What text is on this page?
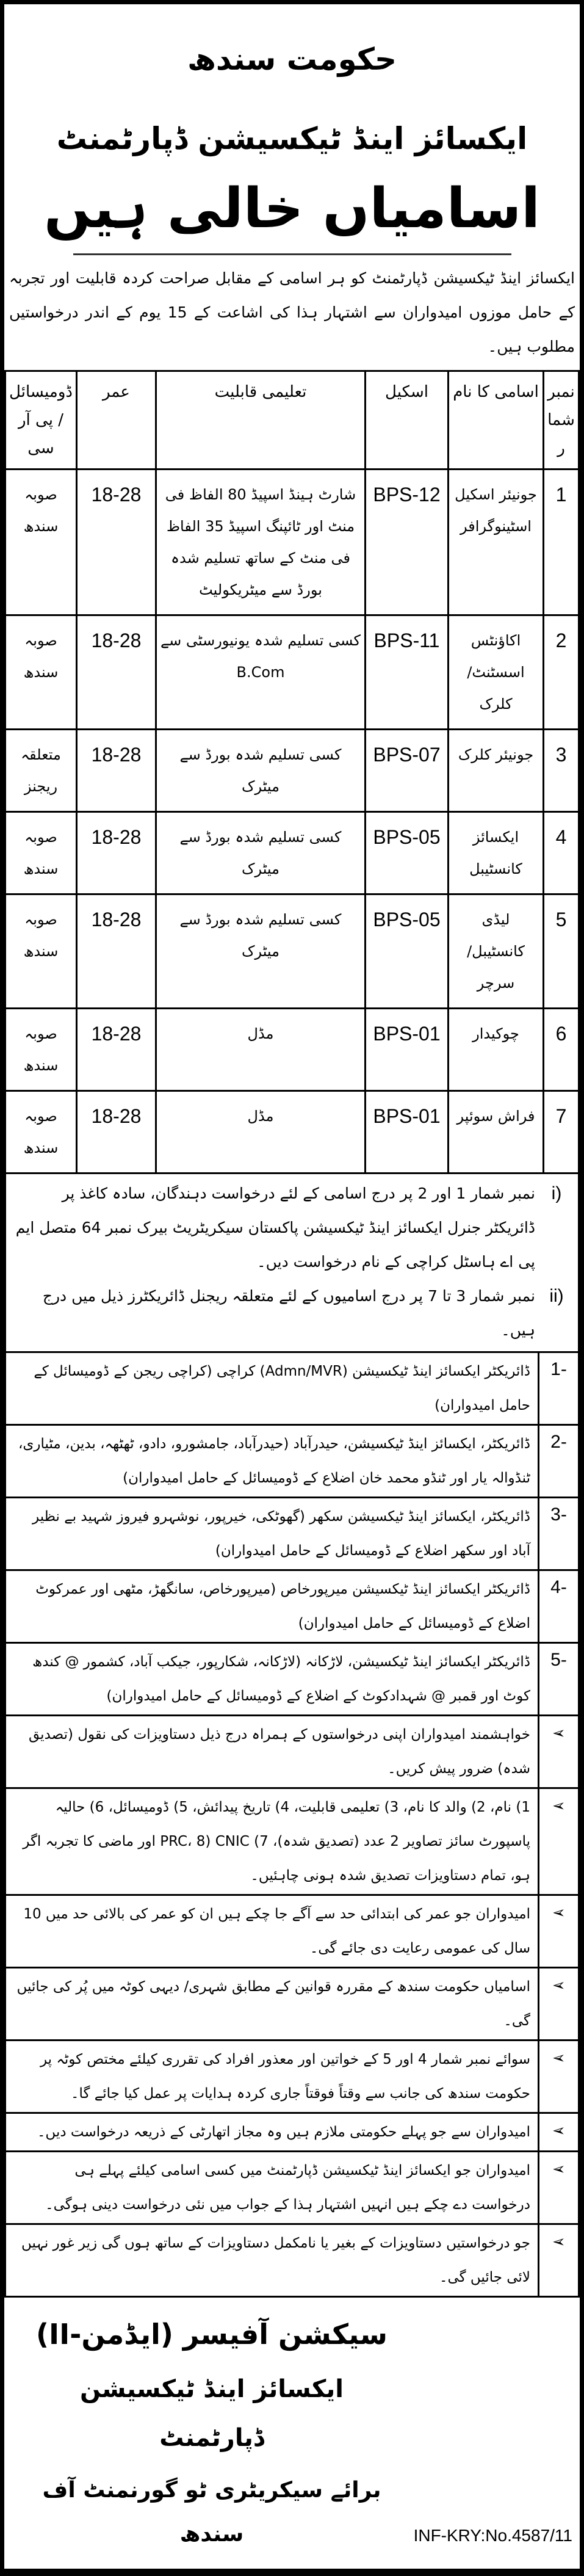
حکومت سندھ
ایکسائز اینڈ ٹیکسیشن ڈپارٹمنٹ
اسامیاں خالی ہیں
ایکسائز اینڈ ٹیکسیشن ڈپارٹمنٹ کو ہر اسامی کے مقابل صراحت کردہ قابلیت اور تجربہ کے حامل موزوں امیدواران سے اشتہار ہذا کی اشاعت کے 15 یوم کے اندر درخواستیں مطلوب ہیں۔
نمبر شمار
اسامی کا نام
اسکیل
تعلیمی قابلیت
عمر
ڈومیسائل/ پی آر سی
1
جونیئر اسکیل اسٹینوگرافر
BPS-12
شارٹ ہینڈ اسپیڈ 80 الفاظ فی منٹ اور ٹائپنگ اسپیڈ 35 الفاظ فی منٹ کے ساتھ تسلیم شدہ بورڈ سے میٹریکولیٹ
18-28
صوبہ سندھ
2
اکاؤنٹس اسسٹنٹ/ کلرک
BPS-11
کسی تسلیم شدہ یونیورسٹی سے B.Com
18-28
صوبہ سندھ
3
جونیئر کلرک
BPS-07
کسی تسلیم شدہ بورڈ سے میٹرک
18-28
متعلقہ ریجنز
4
ایکسائز کانسٹیبل
BPS-05
کسی تسلیم شدہ بورڈ سے میٹرک
18-28
صوبہ سندھ
5
لیڈی کانسٹیبل/ سرچر
BPS-05
کسی تسلیم شدہ بورڈ سے میٹرک
18-28
صوبہ سندھ
6
چوکیدار
BPS-01
مڈل
18-28
صوبہ سندھ
7
فراش سوئپر
BPS-01
مڈل
18-28
صوبہ سندھ
(i
نمبر شمار 1 اور 2 پر درج اسامی کے لئے درخواست دہندگان، سادہ کاغذ پر ڈائریکٹر جنرل ایکسائز اینڈ ٹیکسیشن پاکستان سیکریٹریٹ بیرک نمبر 64 متصل ایم پی اے ہاسٹل کراچی کے نام درخواست دیں۔
(ii
نمبر شمار 3 تا 7 پر درج اسامیوں کے لئے متعلقہ ریجنل ڈائریکٹرز ذیل میں درج ہیں۔
-1
ڈائریکٹر ایکسائز اینڈ ٹیکسیشن (Admn/MVR) کراچی (کراچی ریجن کے ڈومیسائل کے حامل امیدواران)
-2
ڈائریکٹر، ایکسائز اینڈ ٹیکسیشن، حیدرآباد (حیدرآباد، جامشورو، دادو، ٹھٹھہ، بدین، مٹیاری، ٹنڈوالہ یار اور ٹنڈو محمد خان اضلاع کے ڈومیسائل کے حامل امیدواران)
-3
ڈائریکٹر، ایکسائز اینڈ ٹیکسیشن سکھر (گھوٹکی، خیرپور، نوشہرو فیروز شہید بے نظیر آباد اور سکھر اضلاع کے ڈومیسائل کے حامل امیدواران)
-4
ڈائریکٹر ایکسائز اینڈ ٹیکسیشن میرپورخاص (میرپورخاص، سانگھڑ، مٹھی اور عمرکوٹ اضلاع کے ڈومیسائل کے حامل امیدواران)
-5
ڈائریکٹر ایکسائز اینڈ ٹیکسیشن، لاڑکانہ (لاڑکانہ، شکارپور، جیکب آباد، کشمور @ کندھ کوٹ اور قمبر @ شہدادکوٹ کے اضلاع کے ڈومیسائل کے حامل امیدواران)
➢
خواہشمند امیدواران اپنی درخواستوں کے ہمراہ درج ذیل دستاویزات کی نقول (تصدیق شدہ) ضرور پیش کریں۔
➢
1) نام، 2) والد کا نام، 3) تعلیمی قابلیت، 4) تاریخ پیدائش، 5) ڈومیسائل، 6) حالیہ پاسپورٹ سائز تصاویر 2 عدد (تصدیق شدہ)، 7) PRC، 8) CNIC اور ماضی کا تجربہ اگر ہو، تمام دستاویزات تصدیق شدہ ہونی چاہئیں۔
➢
امیدواران جو عمر کی ابتدائی حد سے آگے جا چکے ہیں ان کو عمر کی بالائی حد میں 10 سال کی عمومی رعایت دی جائے گی۔
➢
اسامیاں حکومت سندھ کے مقررہ قوانین کے مطابق شہری/ دیہی کوٹہ میں پُر کی جائیں گی۔
➢
سوائے نمبر شمار 4 اور 5 کے خواتین اور معذور افراد کی تقرری کیلئے مختص کوٹہ پر حکومت سندھ کی جانب سے وقتاً فوقتاً جاری کردہ ہدایات پر عمل کیا جائے گا۔
➢
امیدواران سے جو پہلے حکومتی ملازم ہیں وہ مجاز اتھارٹی کے ذریعہ درخواست دیں۔
➢
امیدواران جو ایکسائز اینڈ ٹیکسیشن ڈپارٹمنٹ میں کسی اسامی کیلئے پہلے ہی درخواست دے چکے ہیں انہیں اشتہار ہذا کے جواب میں نئی درخواست دینی ہوگی۔
➢
جو درخواستیں دستاویزات کے بغیر یا نامکمل دستاویزات کے ساتھ ہوں گی زیر غور نہیں لائی جائیں گی۔
سیکشن آفیسر (ایڈمن-II)
ایکسائز اینڈ ٹیکسیشن ڈپارٹمنٹ
برائے سیکریٹری ٹو گورنمنٹ آف سندھ	INF-KRY:No.4587/11
